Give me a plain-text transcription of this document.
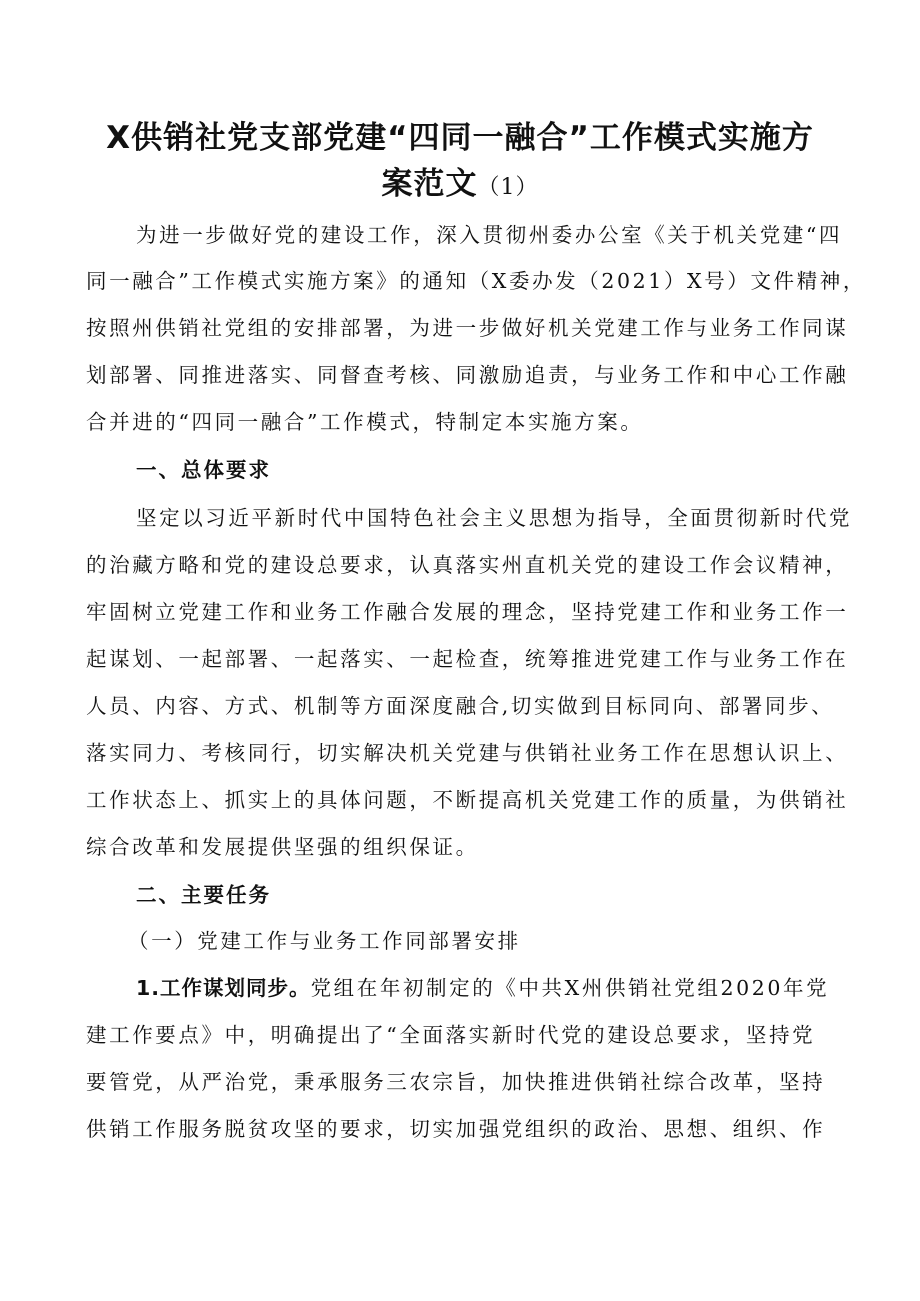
X供销社党支部党建“四同一融合”工作模式实施方
案范文（1）
为进一步做好党的建设工作，深入贯彻州委办公室《关于机关党建“四
同一融合”工作模式实施方案》的通知（X委办发（2021）X号）文件精神，
按照州供销社党组的安排部署，为进一步做好机关党建工作与业务工作同谋
划部署、同推进落实、同督查考核、同激励追责，与业务工作和中心工作融
合并进的“四同一融合”工作模式，特制定本实施方案。
一、总体要求
坚定以习近平新时代中国特色社会主义思想为指导，全面贯彻新时代党
的治藏方略和党的建设总要求，认真落实州直机关党的建设工作会议精神，
牢固树立党建工作和业务工作融合发展的理念，坚持党建工作和业务工作一
起谋划、一起部署、一起落实、一起检查，统筹推进党建工作与业务工作在
人员、内容、方式、机制等方面深度融合,切实做到目标同向、部署同步、
落实同力、考核同行，切实解决机关党建与供销社业务工作在思想认识上、
工作状态上、抓实上的具体问题，不断提高机关党建工作的质量，为供销社
综合改革和发展提供坚强的组织保证。
二、主要任务
（一）党建工作与业务工作同部署安排
1.工作谋划同步。党组在年初制定的《中共X州供销社党组2020年党
建工作要点》中，明确提出了“全面落实新时代党的建设总要求，坚持党
要管党，从严治党，秉承服务三农宗旨，加快推进供销社综合改革，坚持
供销工作服务脱贫攻坚的要求，切实加强党组织的政治、思想、组织、作
